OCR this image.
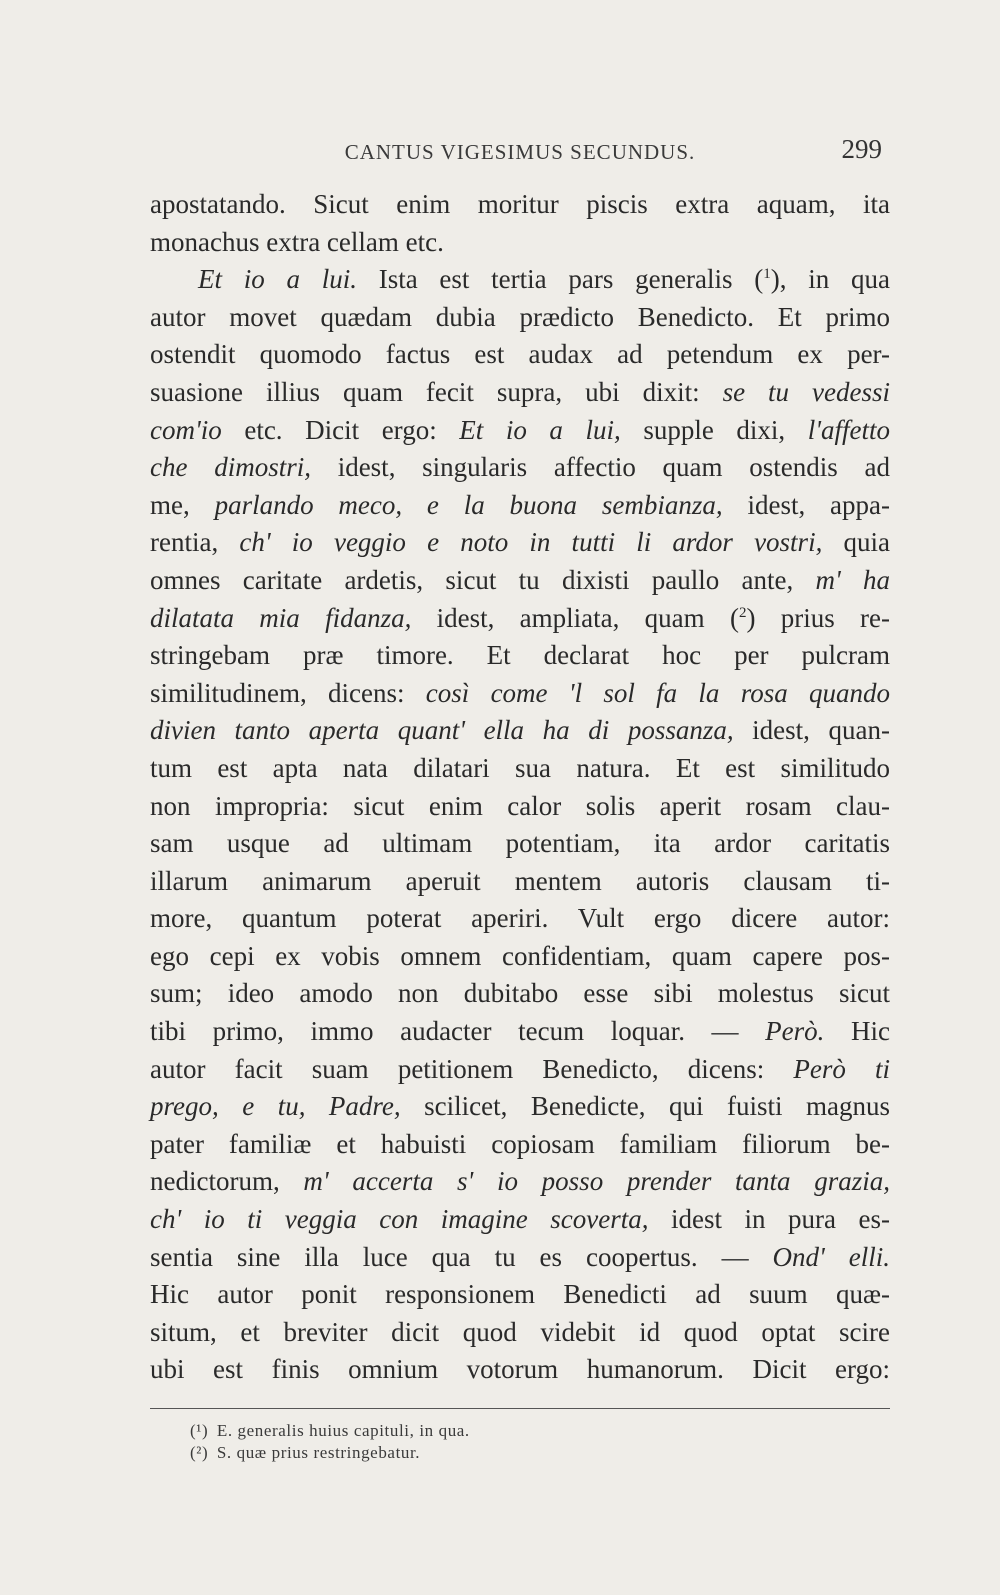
CANTUS VIGESIMUS SECUNDUS.	299
apostatando. Sicut enim moritur piscis extra aquam, ita
monachus extra cellam etc.
Et io a lui. Ista est tertia pars generalis ($^1$), in qua
autor movet quædam dubia prædicto Benedicto. Et primo
ostendit quomodo factus est audax ad petendum ex per-
suasione illius quam fecit supra, ubi dixit: se tu vedessi
com'io etc. Dicit ergo: Et io a lui, supple dixi, l'affetto
che dimostri, idest, singularis affectio quam ostendis ad
me, parlando meco, e la buona sembianza, idest, appa-
rentia, ch' io veggio e noto in tutti li ardor vostri, quia
omnes caritate ardetis, sicut tu dixisti paullo ante, m' ha
dilatata mia fidanza, idest, ampliata, quam ($^2$) prius re-
stringebam præ timore. Et declarat hoc per pulcram
similitudinem, dicens: così come 'l sol fa la rosa quando
divien tanto aperta quant' ella ha di possanza, idest, quan-
tum est apta nata dilatari sua natura. Et est similitudo
non impropria: sicut enim calor solis aperit rosam clau-
sam usque ad ultimam potentiam, ita ardor caritatis
illarum animarum aperuit mentem autoris clausam ti-
more, quantum poterat aperiri. Vult ergo dicere autor:
ego cepi ex vobis omnem confidentiam, quam capere pos-
sum; ideo amodo non dubitabo esse sibi molestus sicut
tibi primo, immo audacter tecum loquar. — Però. Hic
autor facit suam petitionem Benedicto, dicens: Però ti
prego, e tu, Padre, scilicet, Benedicte, qui fuisti magnus
pater familiæ et habuisti copiosam familiam filiorum be-
nedictorum, m' accerta s' io posso prender tanta grazia,
ch' io ti veggia con imagine scoverta, idest in pura es-
sentia sine illa luce qua tu es coopertus. — Ond' elli.
Hic autor ponit responsionem Benedicti ad suum quæ-
situm, et breviter dicit quod videbit id quod optat scire
ubi est finis omnium votorum humanorum. Dicit ergo:
(¹) E. generalis huius capituli, in qua.
(²) S. quæ prius restringebatur.
